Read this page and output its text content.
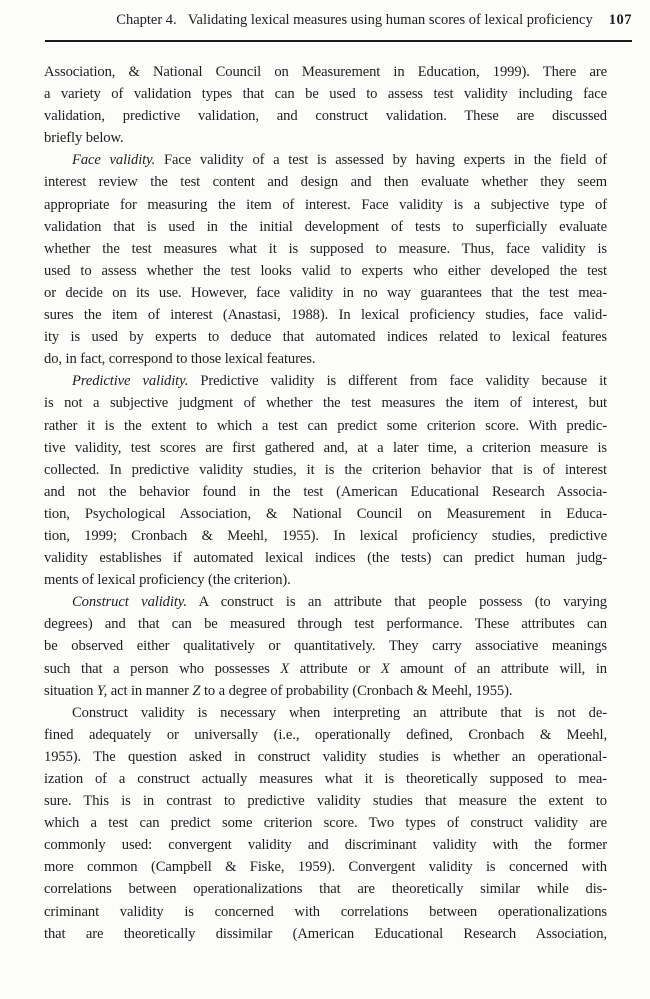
Chapter 4. Validating lexical measures using human scores of lexical proficiency 107

Association, & National Council on Measurement in Education, 1999). There are
a variety of validation types that can be used to assess test validity including face
validation, predictive validation, and construct validation. These are discussed
briefly below.

Face validity. Face validity of a test is assessed by having experts in the field of
interest review the test content and design and then evaluate whether they seem
appropriate for measuring the item of interest. Face validity is a subjective type of
validation that is used in the initial development of tests to superficially evaluate
whether the test measures what it is supposed to measure. Thus, face validity is
used to assess whether the test looks valid to experts who either developed the test
or decide on its use. However, face validity in no way guarantees that the test mea-
sures the item of interest (Anastasi, 1988). In lexical proficiency studies, face valid-
ity is used by experts to deduce that automated indices related to lexical features
do, in fact, correspond to those lexical features.

Predictive validity. Predictive validity is different from face validity because it
is not a subjective judgment of whether the test measures the item of interest, but
rather it is the extent to which a test can predict some criterion score. With predic-
tive validity, test scores are first gathered and, at a later time, a criterion measure is
collected. In predictive validity studies, it is the criterion behavior that is of interest
and not the behavior found in the test (American Educational Research Associa-
tion, Psychological Association, & National Council on Measurement in Educa-
tion, 1999; Cronbach & Meehl, 1955). In lexical proficiency studies, predictive
validity establishes if automated lexical indices (the tests) can predict human judg-
ments of lexical proficiency (the criterion).

Construct validity. A construct is an attribute that people possess (to varying
degrees) and that can be measured through test performance. These attributes can
be observed either qualitatively or quantitatively. They carry associative meanings
such that a person who possesses X attribute or X amount of an attribute will, in
situation Y, act in manner Z to a degree of probability (Cronbach & Meehl, 1955).

Construct validity is necessary when interpreting an attribute that is not de-
fined adequately or universally (i.e., operationally defined, Cronbach & Meehl,
1955). The question asked in construct validity studies is whether an operational-
ization of a construct actually measures what it is theoretically supposed to mea-
sure. This is in contrast to predictive validity studies that measure the extent to
which a test can predict some criterion score. Two types of construct validity are
commonly used: convergent validity and discriminant validity with the former
more common (Campbell & Fiske, 1959). Convergent validity is concerned with
correlations between operationalizations that are theoretically similar while dis-
criminant validity is concerned with correlations between operationalizations
that are theoretically dissimilar (American Educational Research Association,
